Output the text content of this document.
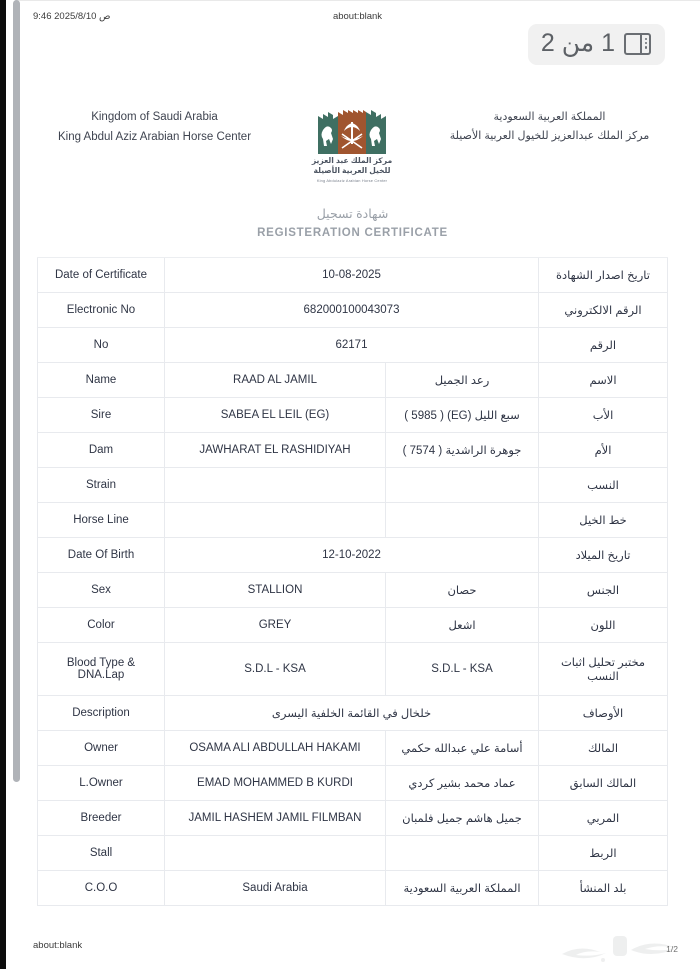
9:46 2025/8/10 ص	about:blank
1 من 2
Kingdom of Saudi Arabia
King Abdul Aziz Arabian Horse Center
مركز الملك عبد العزيز
للخيل العربية الأصيلة
King Abdulaziz Arabian Horse Center
المملكة العربية السعودية
مركز الملك عبدالعزيز للخيول العربية الأصيلة
شهادة تسجيل
REGISTERATION CERTIFICATE			

Date of Certificate	10-08-2025		تاريخ اصدار الشهادة
Electronic No	682000100043073		الرقم الالكتروني
No	62171		الرقم
Name	RAAD AL JAMIL	رعد الجميل	الاسم
Sire	SABEA EL LEIL (EG)	سبع الليل (EG) ( 5985 )	الأب
Dam	JAWHARAT EL RASHIDIYAH	جوهرة الراشدية ( 7574 )	الأم
Strain			النسب
Horse Line			خط الخيل
Date Of Birth	12-10-2022		تاريخ الميلاد
Sex	STALLION	حصان	الجنس
Color	GREY	اشعل	اللون
Blood Type & DNA.Lap	S.D.L - KSA	S.D.L - KSA	مختبر تحليل اثبات النسب
Description	خلخال في القائمة الخلفية اليسرى		الأوصاف
Owner	OSAMA ALI ABDULLAH HAKAMI	أسامة علي عبدالله حكمي	المالك
L.Owner	EMAD MOHAMMED B KURDI	عماد محمد بشير كردي	المالك السابق
Breeder	JAMIL HASHEM JAMIL FILMBAN	جميل هاشم جميل فلمبان	المربي
Stall			الربط
C.O.O	Saudi Arabia	المملكة العربية السعودية	بلد المنشأ
1/2
about:blank
